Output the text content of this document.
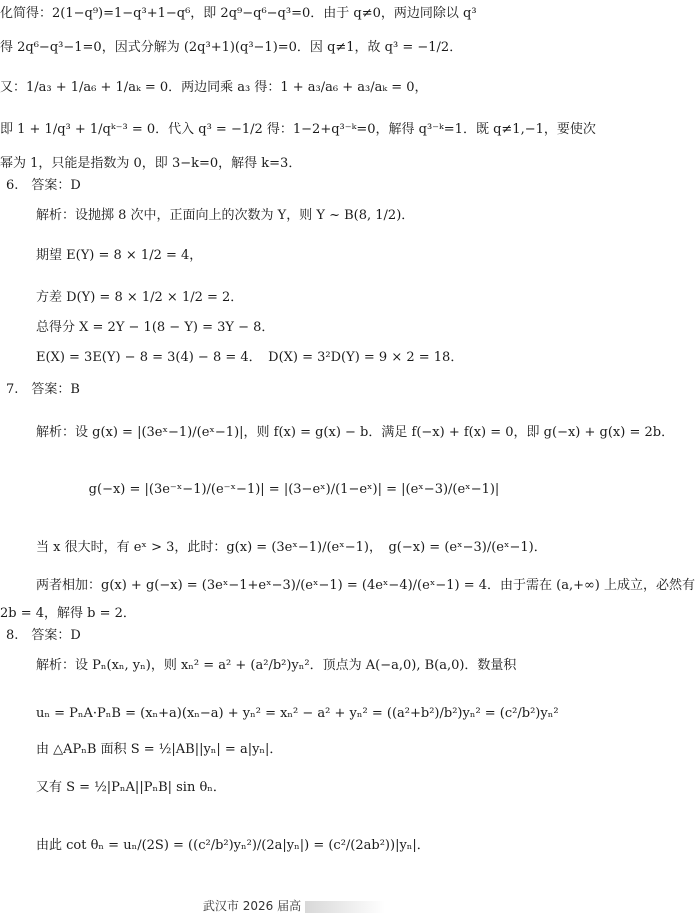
化简得：2(1−q⁹)=1−q³+1−q⁶，即 2q⁹−q⁶−q³=0．由于 q≠0，两边同除以 q³
得 2q⁶−q³−1=0，因式分解为 (2q³+1)(q³−1)=0．因 q≠1，故 q³ = −1/2．
又：1/a₃ + 1/a₆ + 1/aₖ = 0．两边同乘 a₃ 得：1 + a₃/a₆ + a₃/aₖ = 0，
即 1 + 1/q³ + 1/qᵏ⁻³ = 0．代入 q³ = −1/2 得：1−2+q³⁻ᵏ=0，解得 q³⁻ᵏ=1．既 q≠1,−1，要使次
幂为 1，只能是指数为 0，即 3−k=0，解得 k=3．
6.　答案：D
解析：设抛掷 8 次中，正面向上的次数为 Y，则 Y ~ B(8, 1/2)．
期望 E(Y) = 8 × 1/2 = 4，
方差 D(Y) = 8 × 1/2 × 1/2 = 2．
总得分 X = 2Y − 1(8 − Y) = 3Y − 8．
E(X) = 3E(Y) − 8 = 3(4) − 8 = 4．　D(X) = 3²D(Y) = 9 × 2 = 18．
7.　答案：B
解析：设 g(x) = |(3eˣ−1)/(eˣ−1)|，则 f(x) = g(x) − b．满足 f(−x) + f(x) = 0，即 g(−x) + g(x) = 2b．
g(−x) = |(3e⁻ˣ−1)/(e⁻ˣ−1)| = |(3−eˣ)/(1−eˣ)| = |(eˣ−3)/(eˣ−1)|
当 x 很大时，有 eˣ > 3，此时：g(x) = (3eˣ−1)/(eˣ−1)，　g(−x) = (eˣ−3)/(eˣ−1)．
两者相加：g(x) + g(−x) = (3eˣ−1+eˣ−3)/(eˣ−1) = (4eˣ−4)/(eˣ−1) = 4．由于需在 (a,+∞) 上成立，必然有
2b = 4，解得 b = 2．
8.　答案：D
解析：设 Pₙ(xₙ, yₙ)，则 xₙ² = a² + (a²/b²)yₙ²．顶点为 A(−a,0), B(a,0)．数量积
uₙ = PₙA·PₙB = (xₙ+a)(xₙ−a) + yₙ² = xₙ² − a² + yₙ² = ((a²+b²)/b²)yₙ² = (c²/b²)yₙ²
由 △APₙB 面积 S = ½|AB||yₙ| = a|yₙ|．
又有 S = ½|PₙA||PₙB| sin θₙ．
由此 cot θₙ = uₙ/(2S) = ((c²/b²)yₙ²)/(2a|yₙ|) = (c²/(2ab²))|yₙ|．
武汉市 2026 届高
